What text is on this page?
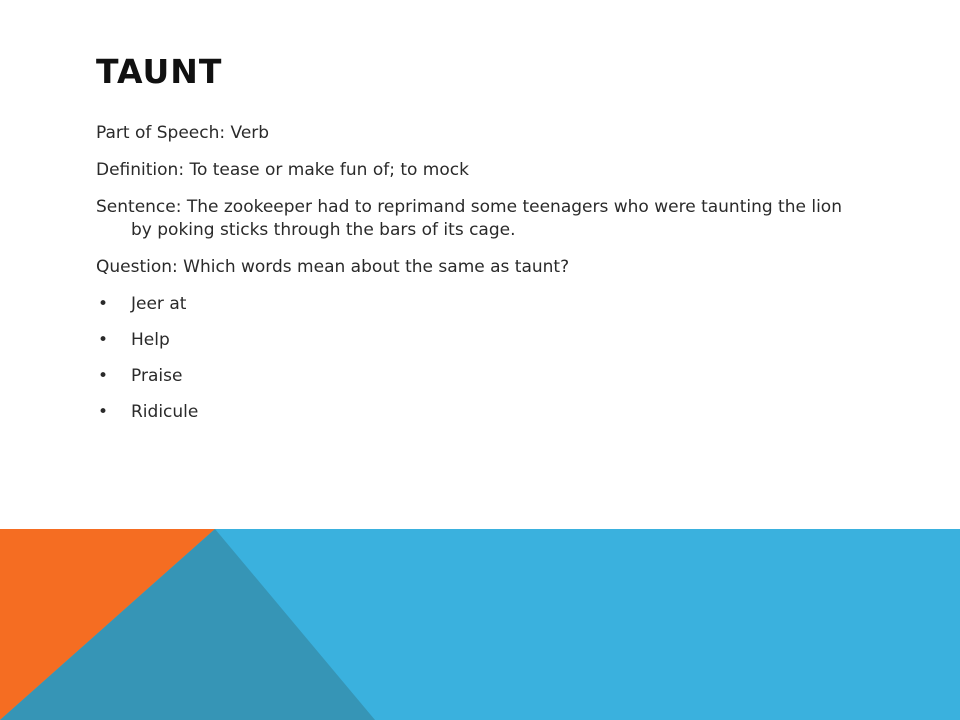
TAUNT

Part of Speech: Verb

Definition: To tease or make fun of; to mock

Sentence: The zookeeper had to reprimand some teenagers who were taunting the lion by poking sticks through the bars of its cage.

Question: Which words mean about the same as taunt?

• Jeer at
• Help
• Praise
• Ridicule
